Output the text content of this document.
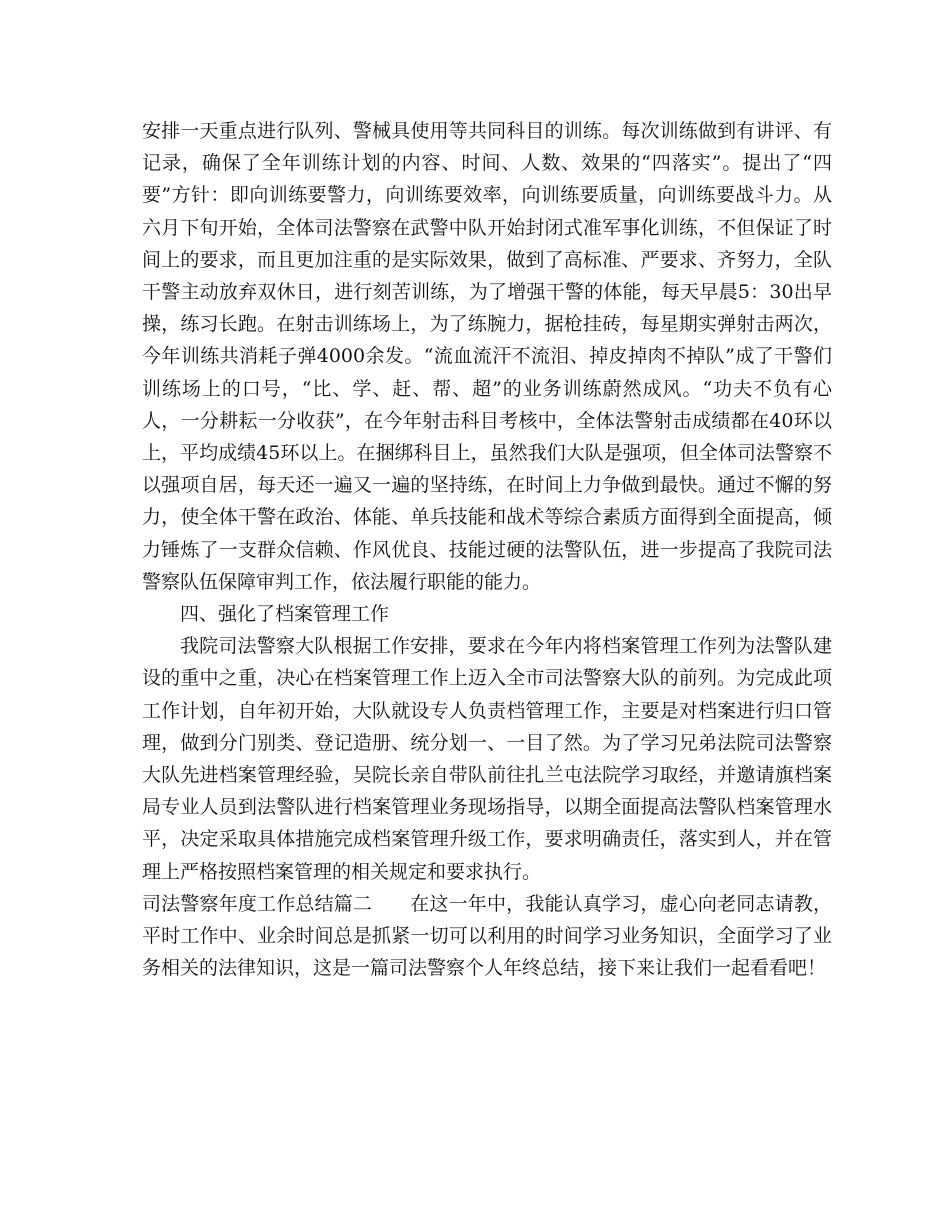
安排一天重点进行队列、警械具使用等共同科目的训练。每次训练做到有讲评、有记录，确保了全年训练计划的内容、时间、人数、效果的“四落实”。提出了“四要”方针：即向训练要警力，向训练要效率，向训练要质量，向训练要战斗力。从六月下旬开始，全体司法警察在武警中队开始封闭式准军事化训练，不但保证了时间上的要求，而且更加注重的是实际效果，做到了高标准、严要求、齐努力，全队干警主动放弃双休日，进行刻苦训练，为了增强干警的体能，每天早晨5：30出早操，练习长跑。在射击训练场上，为了练腕力，据枪挂砖，每星期实弹射击两次，今年训练共消耗子弹4000余发。“流血流汗不流泪、掉皮掉肉不掉队”成了干警们训练场上的口号，“比、学、赶、帮、超”的业务训练蔚然成风。“功夫不负有心人，一分耕耘一分收获”，在今年射击科目考核中，全体法警射击成绩都在40环以上，平均成绩45环以上。在捆绑科目上，虽然我们大队是强项，但全体司法警察不以强项自居，每天还一遍又一遍的坚持练，在时间上力争做到最快。通过不懈的努力，使全体干警在政治、体能、单兵技能和战术等综合素质方面得到全面提高，倾力锤炼了一支群众信赖、作风优良、技能过硬的法警队伍，进一步提高了我院司法警察队伍保障审判工作，依法履行职能的能力。

四、强化了档案管理工作

我院司法警察大队根据工作安排，要求在今年内将档案管理工作列为法警队建设的重中之重，决心在档案管理工作上迈入全市司法警察大队的前列。为完成此项工作计划，自年初开始，大队就设专人负责档管理工作，主要是对档案进行归口管理，做到分门别类、登记造册、统分划一、一目了然。为了学习兄弟法院司法警察大队先进档案管理经验，吴院长亲自带队前往扎兰屯法院学习取经，并邀请旗档案局专业人员到法警队进行档案管理业务现场指导，以期全面提高法警队档案管理水平，决定采取具体措施完成档案管理升级工作，要求明确责任，落实到人，并在管理上严格按照档案管理的相关规定和要求执行。

司法警察年度工作总结篇二 在这一年中，我能认真学习，虚心向老同志请教，平时工作中、业余时间总是抓紧一切可以利用的时间学习业务知识，全面学习了业务相关的法律知识，这是一篇司法警察个人年终总结，接下来让我们一起看看吧！
